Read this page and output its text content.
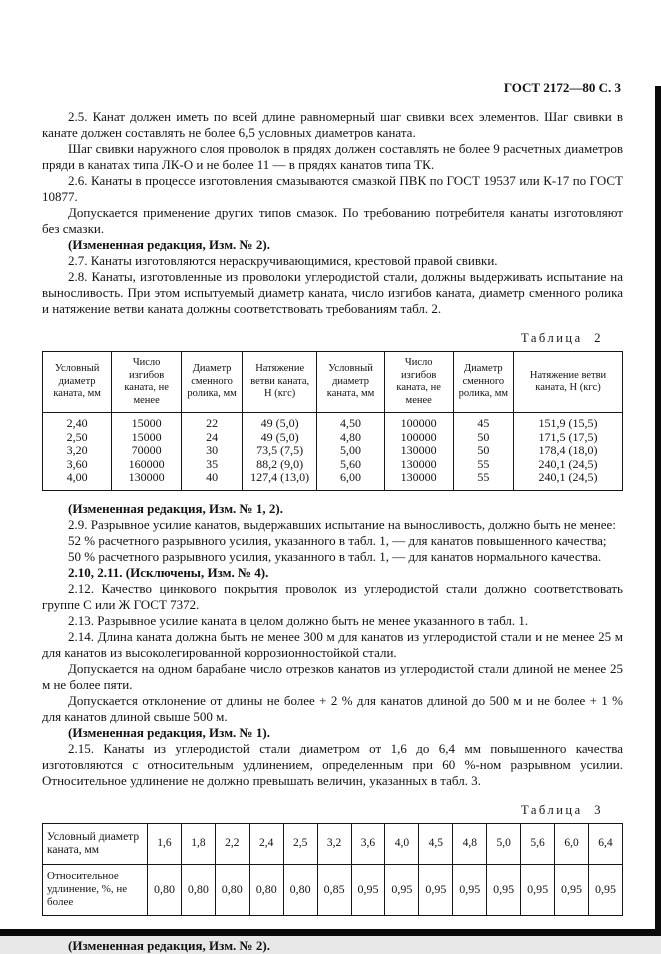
ГОСТ 2172—80 С. 3

2.5. Канат должен иметь по всей длине равномерный шаг свивки всех элементов. Шаг свивки в канате должен составлять не более 6,5 условных диаметров каната.

Шаг свивки наружного слоя проволок в прядях должен составлять не более 9 расчетных диаметров пряди в канатах типа ЛК-О и не более 11 — в прядях канатов типа ТК.

2.6. Канаты в процессе изготовления смазываются смазкой ПВК по ГОСТ 19537 или К-17 по ГОСТ 10877.

Допускается применение других типов смазок. По требованию потребителя канаты изготовляют без смазки.

(Измененная редакция, Изм. № 2).

2.7. Канаты изготовляются нераскручивающимися, крестовой правой свивки.

2.8. Канаты, изготовленные из проволоки углеродистой стали, должны выдерживать испытание на выносливость. При этом испытуемый диаметр каната, число изгибов каната, диаметр сменного ролика и натяжение ветви каната должны соответствовать требованиям табл. 2.

Таблица 2
Условный диаметр каната, мм	Число изгибов каната, не менее	Диаметр сменного ролика, мм	Натяжение ветви каната, Н (кгс)	Условный диаметр каната, мм	Число изгибов каната, не менее	Диаметр сменного ролика, мм	Натяжение ветви каната, Н (кгс)
2,40	15000	22	49 (5,0)	4,50	100000	45	151,9 (15,5)
2,50	15000	24	49 (5,0)	4,80	100000	50	171,5 (17,5)
3,20	70000	30	73,5 (7,5)	5,00	130000	50	178,4 (18,0)
3,60	160000	35	88,2 (9,0)	5,60	130000	55	240,1 (24,5)
4,00	130000	40	127,4 (13,0)	6,00	130000	55	240,1 (24,5)

(Измененная редакция, Изм. № 1, 2).

2.9. Разрывное усилие канатов, выдержавших испытание на выносливость, должно быть не менее:

52 % расчетного разрывного усилия, указанного в табл. 1, — для канатов повышенного качества;

50 % расчетного разрывного усилия, указанного в табл. 1, — для канатов нормального качества.

2.10, 2.11. (Исключены, Изм. № 4).

2.12. Качество цинкового покрытия проволок из углеродистой стали должно соответствовать группе С или Ж ГОСТ 7372.

2.13. Разрывное усилие каната в целом должно быть не менее указанного в табл. 1.

2.14. Длина каната должна быть не менее 300 м для канатов из углеродистой стали и не менее 25 м для канатов из высоколегированной коррозионностойкой стали.

Допускается на одном барабане число отрезков канатов из углеродистой стали длиной не менее 25 м не более пяти.

Допускается отклонение от длины не более + 2 % для канатов длиной до 500 м и не более + 1 % для канатов длиной свыше 500 м.

(Измененная редакция, Изм. № 1).

2.15. Канаты из углеродистой стали диаметром от 1,6 до 6,4 мм повышенного качества изготовляются с относительным удлинением, определенным при 60 %-ном разрывном усилии. Относительное удлинение не должно превышать величин, указанных в табл. 3.

Таблица 3
Условный диаметр каната, мм	1,6	1,8	2,2	2,4	2,5	3,2	3,6	4,0	4,5	4,8	5,0	5,6	6,0	6,4
Относительное удлинение, %, не более	0,80	0,80	0,80	0,80	0,80	0,85	0,95	0,95	0,95	0,95	0,95	0,95	0,95	0,95

(Измененная редакция, Изм. № 2).
